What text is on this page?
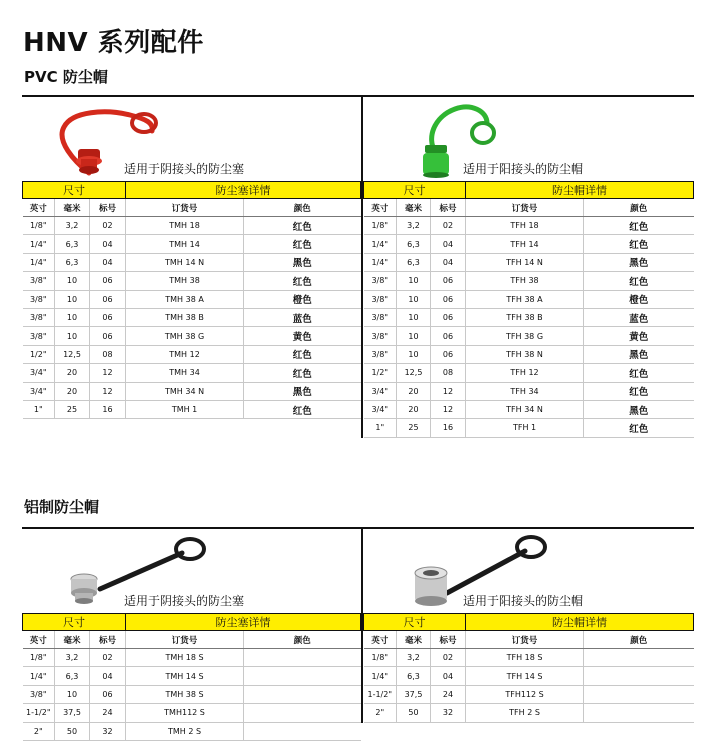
HNV 系列配件
PVC 防尘帽
铝制防尘帽
适用于阴接头的防尘塞
尺寸			防尘塞详情	
英寸	毫米	标号	订货号	颜色
1/8"	3,2	02	TMH 18	红色
1/4"	6,3	04	TMH 14	红色
1/4"	6,3	04	TMH 14 N	黑色
3/8"	10	06	TMH 38	红色
3/8"	10	06	TMH 38 A	橙色
3/8"	10	06	TMH 38 B	蓝色
3/8"	10	06	TMH 38 G	黄色
1/2"	12,5	08	TMH 12	红色
3/4"	20	12	TMH 34	红色
3/4"	20	12	TMH 34 N	黑色
1"	25	16	TMH 1	红色
适用于阳接头的防尘帽
尺寸			防尘帽详情	
英寸	毫米	标号	订货号	颜色
1/8"	3,2	02	TFH 18	红色
1/4"	6,3	04	TFH 14	红色
1/4"	6,3	04	TFH 14 N	黑色
3/8"	10	06	TFH 38	红色
3/8"	10	06	TFH 38 A	橙色
3/8"	10	06	TFH 38 B	蓝色
3/8"	10	06	TFH 38 G	黄色
3/8"	10	06	TFH 38 N	黑色
1/2"	12,5	08	TFH 12	红色
3/4"	20	12	TFH 34	红色
3/4"	20	12	TFH 34 N	黑色
1"	25	16	TFH 1	红色
适用于阴接头的防尘塞
尺寸			防尘塞详情	
英寸	毫米	标号	订货号	颜色
1/8"	3,2	02	TMH 18 S	
1/4"	6,3	04	TMH 14 S	
3/8"	10	06	TMH 38 S	
1-1/2"	37,5	24	TMH112 S	
2"	50	32	TMH 2 S	
适用于阳接头的防尘帽
尺寸			防尘帽详情	
英寸	毫米	标号	订货号	颜色
1/8"	3,2	02	TFH 18 S	
1/4"	6,3	04	TFH 14 S	
1-1/2"	37,5	24	TFH112 S	
2"	50	32	TFH 2 S	
